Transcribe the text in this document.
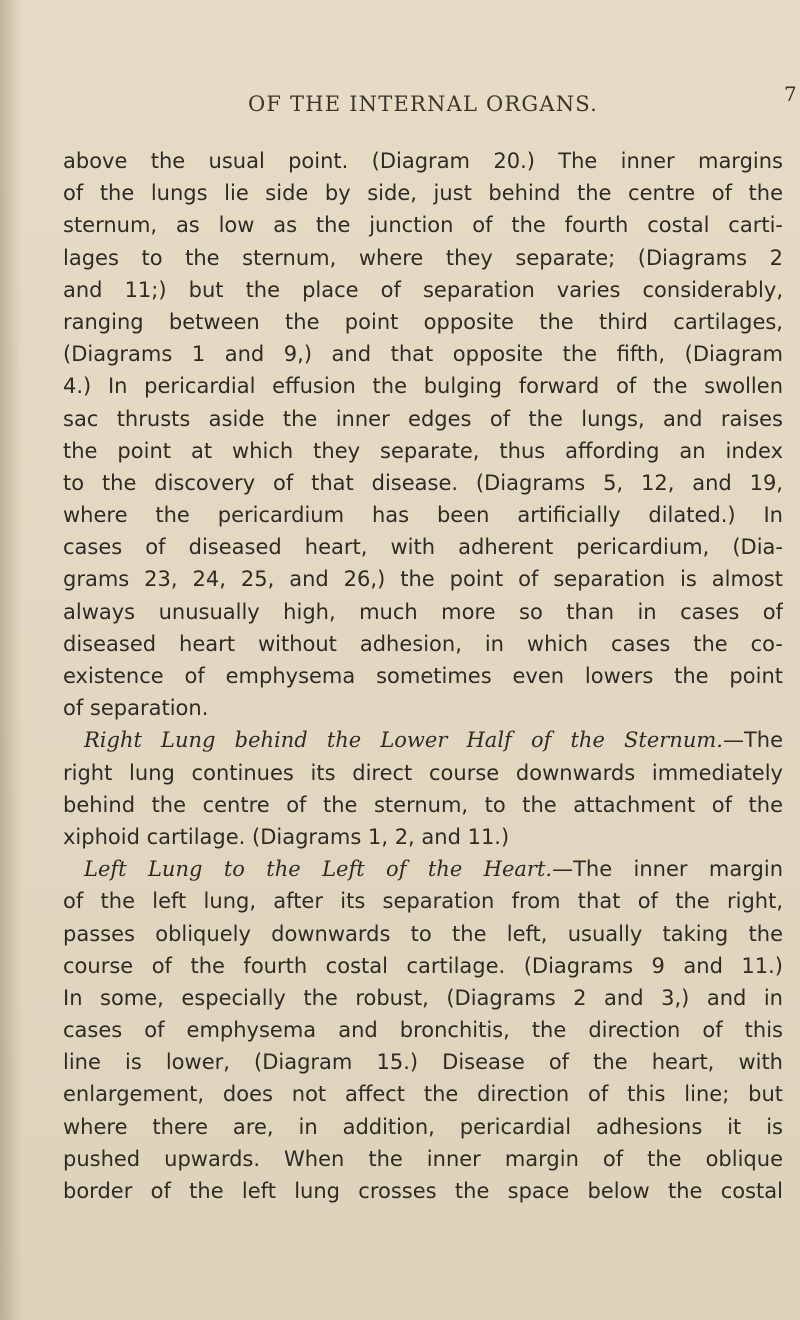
OF THE INTERNAL ORGANS.	7
above the usual point. (Diagram 20.) The inner margins
of the lungs lie side by side, just behind the centre of the
sternum, as low as the junction of the fourth costal carti-
lages to the sternum, where they separate; (Diagrams 2
and 11;) but the place of separation varies considerably,
ranging between the point opposite the third cartilages,
(Diagrams 1 and 9,) and that opposite the fifth, (Diagram
4.) In pericardial effusion the bulging forward of the swollen
sac thrusts aside the inner edges of the lungs, and raises
the point at which they separate, thus affording an index
to the discovery of that disease. (Diagrams 5, 12, and 19,
where the pericardium has been artificially dilated.) In
cases of diseased heart, with adherent pericardium, (Dia-
grams 23, 24, 25, and 26,) the point of separation is almost
always unusually high, much more so than in cases of
diseased heart without adhesion, in which cases the co-
existence of emphysema sometimes even lowers the point
of separation.
Right Lung behind the Lower Half of the Sternum.—The
right lung continues its direct course downwards immediately
behind the centre of the sternum, to the attachment of the
xiphoid cartilage. (Diagrams 1, 2, and 11.)
Left Lung to the Left of the Heart.—The inner margin
of the left lung, after its separation from that of the right,
passes obliquely downwards to the left, usually taking the
course of the fourth costal cartilage. (Diagrams 9 and 11.)
In some, especially the robust, (Diagrams 2 and 3,) and in
cases of emphysema and bronchitis, the direction of this
line is lower, (Diagram 15.) Disease of the heart, with
enlargement, does not affect the direction of this line; but
where there are, in addition, pericardial adhesions it is
pushed upwards. When the inner margin of the oblique
border of the left lung crosses the space below the costal
